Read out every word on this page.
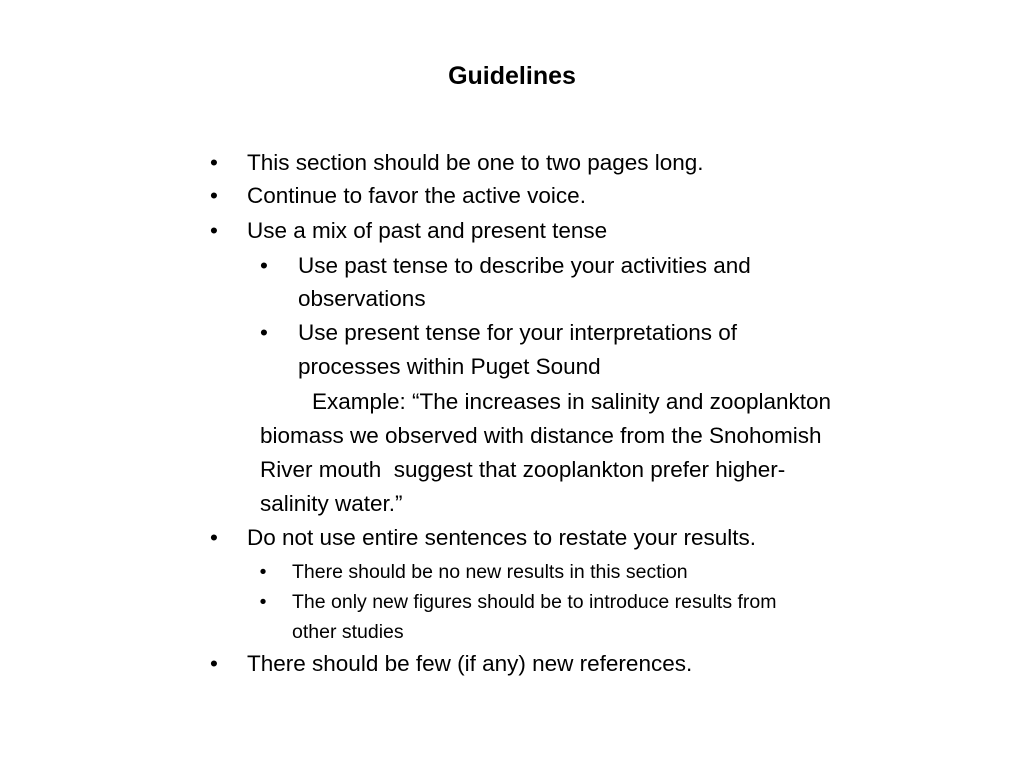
Guidelines
• This section should be one to two pages long.
• Continue to favor the active voice.
• Use a mix of past and present tense
• Use past tense to describe your activities and
observations
• Use present tense for your interpretations of
processes within Puget Sound
Example: “The increases in salinity and zooplankton
biomass we observed with distance from the Snohomish
River mouth  suggest that zooplankton prefer higher-
salinity water.”
• Do not use entire sentences to restate your results.
• There should be no new results in this section
• The only new figures should be to introduce results from
other studies
• There should be few (if any) new references.
